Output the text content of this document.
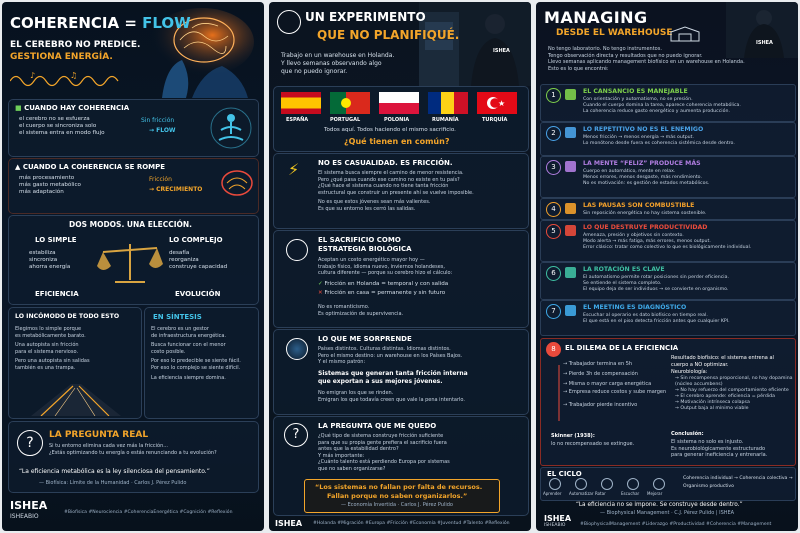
COHERENCIA = FLOW
EL CEREBRO NO PREDICE.
GESTIONA ENERGÍA.
♪	♫
■ CUANDO HAY COHERENCIA
el cerebro no se esfuerza
el cuerpo se sincroniza solo
el sistema entra en modo flujo
Sin fricción
→ FLOW
▲ CUANDO LA COHERENCIA SE ROMPE
más procesamiento
más gasto metabólico
más adaptación
Fricción
→ CRECIMIENTO
DOS MODOS. UNA ELECCIÓN.
LO SIMPLE
estabiliza
sincroniza
ahorra energía
LO COMPLEJO
desafía
reorganiza
construye capacidad
EFICIENCIA	EVOLUCIÓN
LO INCÓMODO DE TODO ESTO
Elegimos lo simple porque
es metabólicamente barato.
Una autopista sin fricción
para el sistema nervioso.
Pero una autopista sin salidas
también es una trampa.
EN SÍNTESIS
El cerebro es un gestor
de infraestructura energética.
Busca funcionar con el menor
costo posible.
Por eso lo predecible se siente fácil.
Por eso lo complejo se siente difícil.
La eficiencia siempre domina.
?	LA PREGUNTA REAL
Si tu entorno elimina cada vez más la fricción...
¿Estás optimizando tu energía o estás renunciando a tu evolución?
“La eficiencia metabólica es la ley silenciosa del pensamiento.”
— Biofísica: Límite de la Humanidad · Carlos J. Pérez Pulido
ISHEA
ISHEABIO
#Biofísica #Neurociencia #CoherenciaEnergética #Cognición #Reflexión
ISHEA
UN EXPERIMENTO
QUE NO PLANIFIQUÉ.
Trabajo en un warehouse en Holanda.
Y llevo semanas observando algo
que no puedo ignorar.
★
ESPAÑA	PORTUGAL	POLONIA	RUMANÍA	TURQUÍA
Todos aquí. Todos haciendo el mismo sacrificio.
¿Qué tienen en común?
⚡	NO ES CASUALIDAD. ES FRICCIÓN.
El sistema busca siempre el camino de menor resistencia.
Pero ¿qué pasa cuando ese camino no existe en tu país?
¿Qué hace el sistema cuando no tiene tanta fricción
estructural que construir un presente ahí se vuelve imposible.
No es que estos jóvenes sean más valientes.
Es que su entorno les cerró las salidas.
EL SACRIFICIO COMO
ESTRATEGIA BIOLÓGICA
Aceptan un costo energético mayor hoy —
trabajo físico, idioma nuevo, inviernos holandeses,
cultura diferente — porque su cerebro hizo el cálculo:
✓ Fricción en Holanda = temporal y con salida
✕ Fricción en casa = permanente y sin futuro
No es romanticismo.
Es optimización de supervivencia.
LO QUE ME SORPRENDE
Países distintos. Culturas distintas. Idiomas distintos.
Pero el mismo destino: un warehouse en los Países Bajos.
Y el mismo patrón:
Sistemas que generan tanta fricción interna
que exportan a sus mejores jóvenes.
No emigran los que se rinden.
Emigran los que todavía creen que vale la pena intentarlo.
?
LA PREGUNTA QUE ME QUEDO
¿Qué tipo de sistema construye fricción suficiente
para que su propia gente prefiera el sacrificio fuera
antes que la estabilidad dentro?
Y más importante:
¿Cuánto talento está perdiendo Europa por sistemas
que no saben organizarse?
“Los sistemas no fallan por falta de recursos.
Fallan porque no saben organizarlos.”
— Economía Invertida · Carlos J. Pérez Pulido
ISHEA #Holanda #Migración #Europa #Fricción #Economía #Juventud #Talento #Reflexión
ISHEA
MANAGING
DESDE EL WAREHOUSE
No tengo laboratorio. No tengo instrumentos.
Tengo observación directa y resultados que no puedo ignorar.
Llevo semanas aplicando management biofísico en un warehouse en Holanda.
Esto es lo que encontré:
1	EL CANSANCIO ES MANEJABLE
Con orientación y automatismo, no se presión.
Cuando el cuerpo domina la tarea, aparece coherencia metabólica.
La coherencia reduce gasto energético y aumenta producción.
2	LO REPETITIVO NO ES EL ENEMIGO
Menos fricción → menos energía → más output.
Lo monótono desde fuera es coherencia sistémica desde dentro.
3	LA MENTE “FELIZ” PRODUCE MÁS
Cuerpo en automático, mente en relax.
Menos errores, menos desgaste, más rendimiento.
No es motivación: es gestión de estados metabólicos.
4	LAS PAUSAS SON COMBUSTIBLE
Sin reposición energética no hay sistema sostenible.
5	LO QUE DESTRUYE PRODUCTIVIDAD
Amenaza, presión y objetivos sin contexto.
Modo alerta → más fatiga, más errores, menos output.
Error clásico: tratar como colectivo lo que es biológicamente individual.
6	LA ROTACIÓN ES CLAVE
El automatismo permite rotar posiciones sin perder eficiencia.
Se entiende el sistema completo.
El equipo deja de ser individuos → se convierte en organismo.
7	EL MEETING ES DIAGNÓSTICO
Escuchar al operario es dato biofísico en tiempo real.
El que está en el piso detecta fricción antes que cualquier KPI.
8	EL DILEMA DE LA EFICIENCIA
→ Trabajador termina en 5h
→ Pierde 3h de compensación
→ Misma o mayor carga energética
→ Empresa reduce costos y sube margen
→ Trabajador pierde incentivo
Resultado biofísico: el sistema entrena al cuerpo a NO optimizar.
Neurobiología:
→ Sin recompensa proporcional, no hay dopamina (núcleo accumbens)
→ No hay refuerzo del comportamiento eficiente
→ El cerebro aprende: eficiencia = pérdida
→ Motivación intrínseca colapsa
→ Output baja al mínimo viable
Skinner (1938):
lo no recompensado se extingue.
Conclusión:
El sistema no solo es injusto.
Es neurobiológicamente estructurado
para generar ineficiencia y entrenarla.
EL CICLO
Aprender Automatizar Rotar	Escuchar Mejorar
Coherencia individual → Coherencia colectiva →
Organismo productivo
“La eficiencia no se impone. Se construye desde dentro.”
— Biophysical Management · C.J. Pérez Pulido | ISHEA
ISHEA
ISHEABIO	#BiophysicalManagement #Liderazgo #Productividad #Coherencia #Management
